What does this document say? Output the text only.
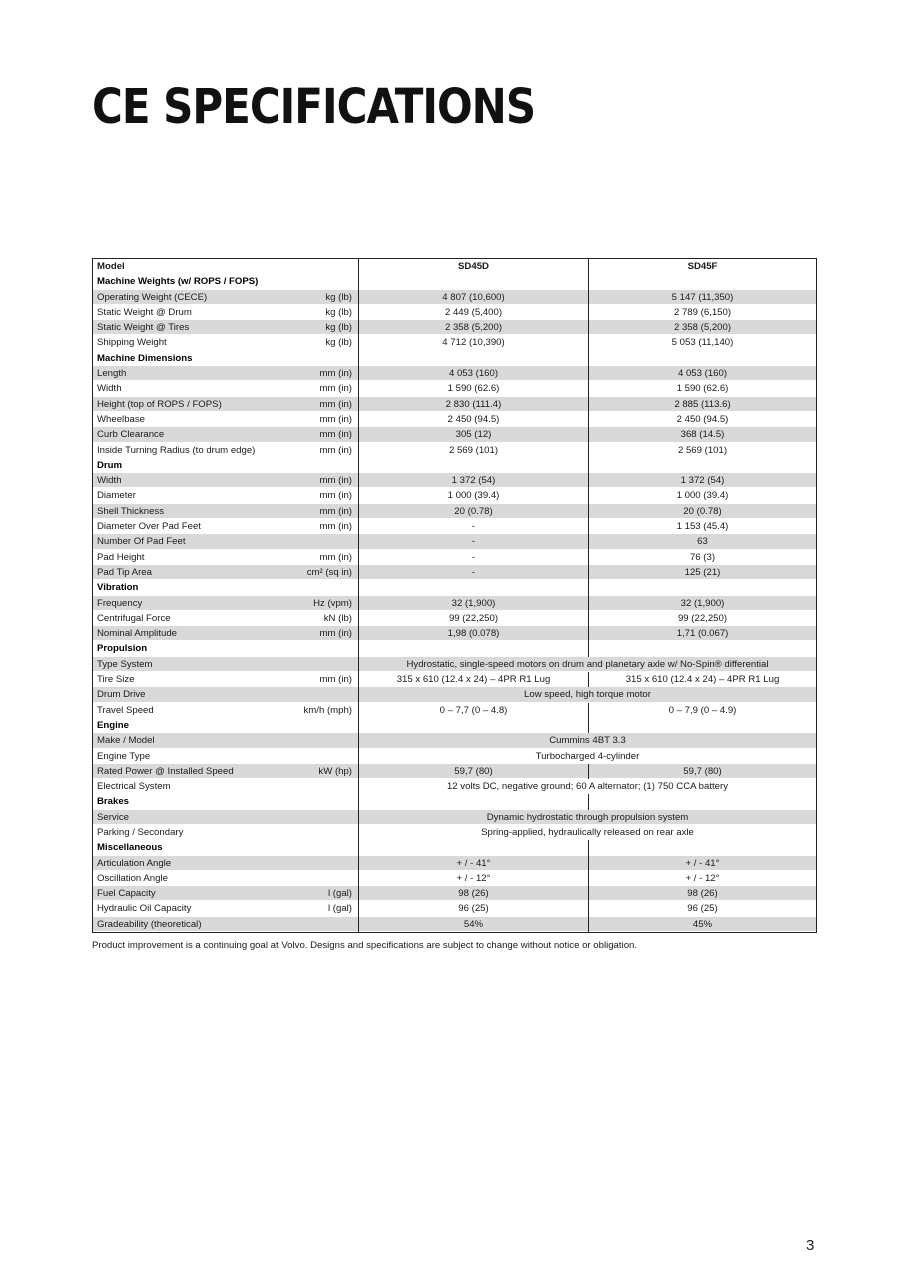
CE SPECIFICATIONS
Model	SD45D	SD45F
Machine Weights (w/ ROPS / FOPS)		

Operating Weight (CECE) kg (lb)	4 807 (10,600)	5 147 (11,350)

Static Weight @ Drum kg (lb)	2 449 (5,400)	2 789 (6,150)

Static Weight @ Tires kg (lb)	2 358 (5,200)	2 358 (5,200)

Shipping Weight kg (lb)	4 712 (10,390)	5 053 (11,140)
Machine Dimensions		

Length mm (in)	4 053 (160)	4 053 (160)

Width mm (in)	1 590 (62.6)	1 590 (62.6)

Height (top of ROPS / FOPS) mm (in)	2 830 (111.4)	2 885 (113.6)

Wheelbase mm (in)	2 450 (94.5)	2 450 (94.5)

Curb Clearance mm (in)	305 (12)	368 (14.5)

Inside Turning Radius (to drum edge) mm (in)	2 569 (101)	2 569 (101)
Drum		

Width mm (in)	1 372 (54)	1 372 (54)

Diameter mm (in)	1 000 (39.4)	1 000 (39.4)

Shell Thickness mm (in)	20 (0.78)	20 (0.78)

Diameter Over Pad Feet mm (in)	-	1 153 (45.4)

Number Of Pad Feet	-	63

Pad Height mm (in)	-	76 (3)

Pad Tip Area cm² (sq in)	-	125 (21)
Vibration		

Frequency Hz (vpm)	32 (1,900)	32 (1,900)

Centrifugal Force kN (lb)	99 (22,250)	99 (22,250)

Nominal Amplitude mm (in)	1,98 (0.078)	1,71 (0.067)
Propulsion		

Type System	Hydrostatic, single-speed motors on drum and planetary axle w/ No-Spin® differential	

Tire Size mm (in)	315 x 610 (12.4 x 24) – 4PR R1 Lug	315 x 610 (12.4 x 24) – 4PR R1 Lug

Drum Drive	Low speed, high torque motor	

Travel Speed km/h (mph)	0 – 7,7 (0 – 4.8)	0 – 7,9 (0 – 4.9)
Engine		

Make / Model	Cummins 4BT 3.3	

Engine Type	Turbocharged 4-cylinder	

Rated Power @ Installed Speed kW (hp)	59,7 (80)	59,7 (80)

Electrical System	12 volts DC, negative ground; 60 A alternator; (1) 750 CCA battery	
Brakes		

Service	Dynamic hydrostatic through propulsion system	

Parking / Secondary	Spring-applied, hydraulically released on rear axle	
Miscellaneous		

Articulation Angle	+ / - 41°	+ / - 41°

Oscillation Angle	+ / - 12°	+ / - 12°

Fuel Capacity l (gal)	98 (26)	98 (26)

Hydraulic Oil Capacity l (gal)	96 (25)	96 (25)

Gradeability (theoretical)	54%	45%

Product improvement is a continuing goal at Volvo. Designs and specifications are subject to change without notice or obligation.

3
